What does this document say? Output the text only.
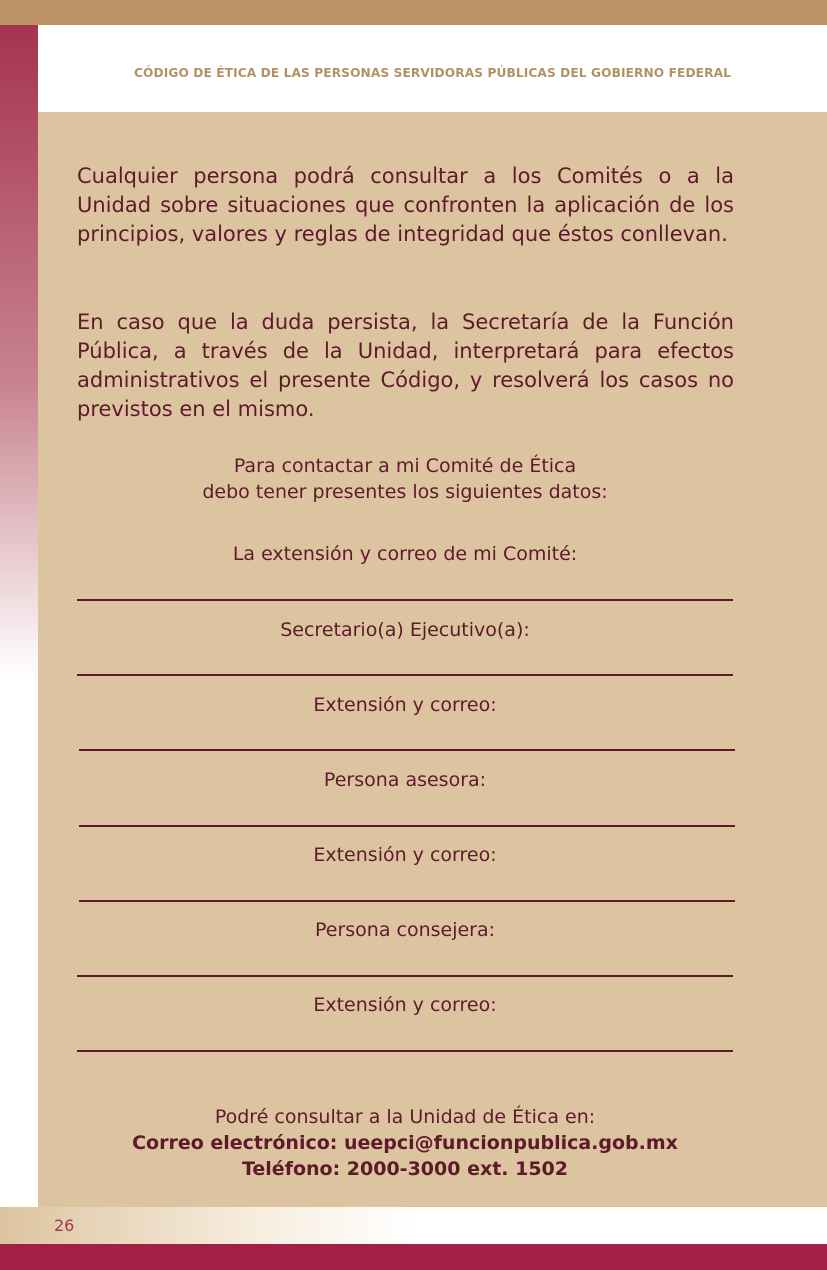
CÓDIGO DE ÉTICA DE LAS PERSONAS SERVIDORAS PÚBLICAS DEL GOBIERNO FEDERAL

Cualquier persona podrá consultar a los Comités o a la Unidad sobre situaciones que confronten la aplicación de los principios, valores y reglas de integridad que éstos conllevan.

En caso que la duda persista, la Secretaría de la Función Pública, a través de la Unidad, interpretará para efectos administrativos el presente Código, y resolverá los casos no previstos en el mismo.

Para contactar a mi Comité de Ética
debo tener presentes los siguientes datos:
La extensión y correo de mi Comité:
Secretario(a) Ejecutivo(a):
Extensión y correo:
Persona asesora:
Extensión y correo:
Persona consejera:
Extensión y correo:
Podré consultar a la Unidad de Ética en:
Correo electrónico: ueepci@funcionpublica.gob.mx
Teléfono: 2000-3000 ext. 1502
26
